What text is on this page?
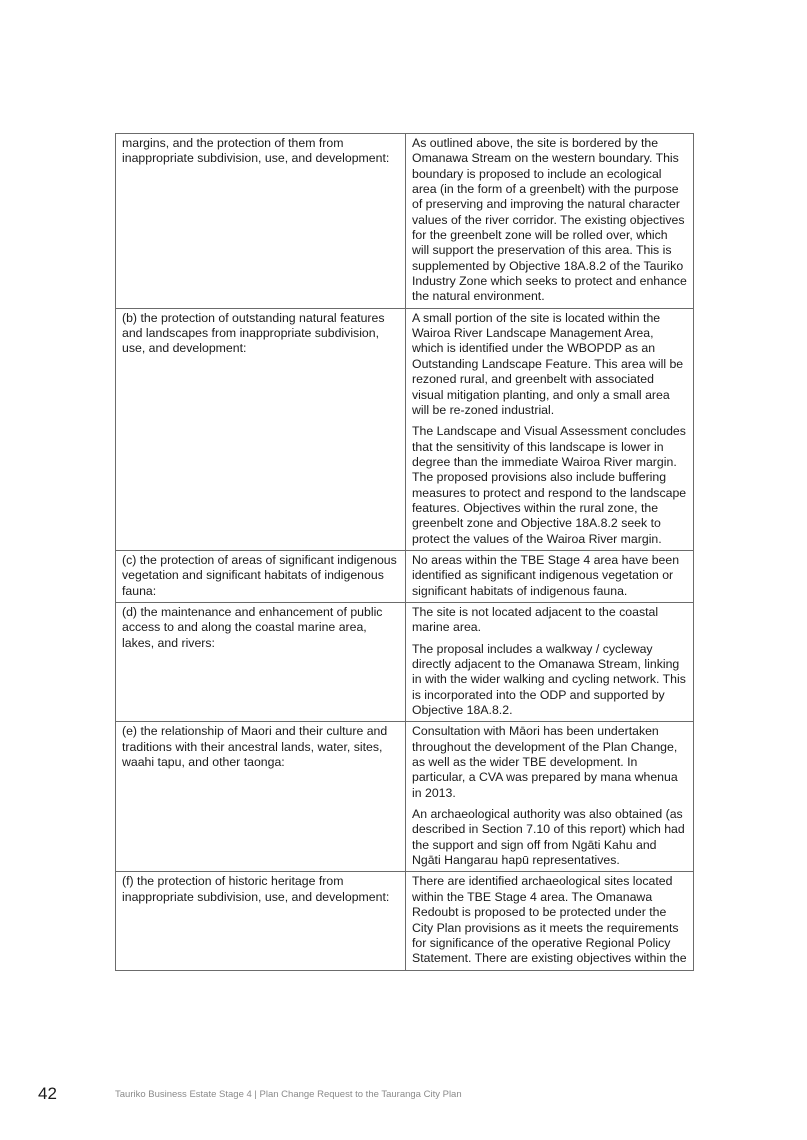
margins, and the protection of them from inappropriate subdivision, use, and development:	As outlined above, the site is bordered by the Omanawa Stream on the western boundary. This boundary is proposed to include an ecological area (in the form of a greenbelt) with the purpose of preserving and improving the natural character values of the river corridor. The existing objectives for the greenbelt zone will be rolled over, which will support the preservation of this area. This is supplemented by Objective 18A.8.2 of the Tauriko Industry Zone which seeks to protect and enhance the natural environment.

(b) the protection of outstanding natural features and landscapes from inappropriate subdivision, use, and development:	A small portion of the site is located within the Wairoa River Landscape Management Area, which is identified under the WBOPDP as an Outstanding Landscape Feature. This area will be rezoned rural, and greenbelt with associated visual mitigation planting, and only a small area will be re-zoned industrial.

The Landscape and Visual Assessment concludes that the sensitivity of this landscape is lower in degree than the immediate Wairoa River margin. The proposed provisions also include buffering measures to protect and respond to the landscape features. Objectives within the rural zone, the greenbelt zone and Objective 18A.8.2 seek to protect the values of the Wairoa River margin.

(c) the protection of areas of significant indigenous vegetation and significant habitats of indigenous fauna:	No areas within the TBE Stage 4 area have been identified as significant indigenous vegetation or significant habitats of indigenous fauna.

(d) the maintenance and enhancement of public access to and along the coastal marine area, lakes, and rivers:	The site is not located adjacent to the coastal marine area.

The proposal includes a walkway / cycleway directly adjacent to the Omanawa Stream, linking in with the wider walking and cycling network. This is incorporated into the ODP and supported by Objective 18A.8.2.

(e) the relationship of Maori and their culture and traditions with their ancestral lands, water, sites, waahi tapu, and other taonga:	Consultation with Māori has been undertaken throughout the development of the Plan Change, as well as the wider TBE development. In particular, a CVA was prepared by mana whenua in 2013.

An archaeological authority was also obtained (as described in Section 7.10 of this report) which had the support and sign off from Ngāti Kahu and Ngāti Hangarau hapū representatives.

(f) the protection of historic heritage from inappropriate subdivision, use, and development:	There are identified archaeological sites located within the TBE Stage 4 area. The Omanawa Redoubt is proposed to be protected under the City Plan provisions as it meets the requirements for significance of the operative Regional Policy Statement. There are existing objectives within the

42	Tauriko Business Estate Stage 4 | Plan Change Request to the Tauranga City Plan
